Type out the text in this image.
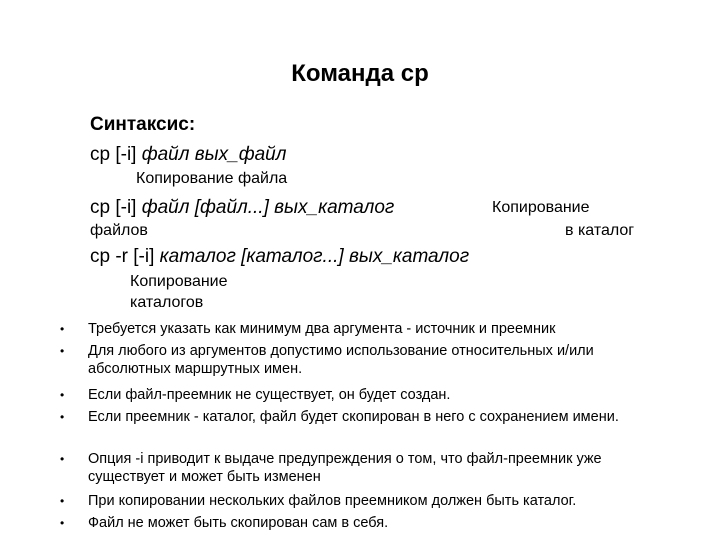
Команда cp
Синтаксис:
cp [-i] файл вых_файл
Копирование файла
cp [-i] файл [файл...] вых_каталог	Копирование
файлов	в каталог
cp -r [-i] каталог [каталог...] вых_каталог
Копирование
каталогов
• Требуется указать как минимум два аргумента - источник и преемник
• Для любого из аргументов допустимо использование относительных и/или абсолютных маршрутных имен.
• Если файл-преемник не существует, он будет создан.
• Если преемник - каталог, файл будет скопирован в него с сохранением имени.
• Опция -i приводит к выдаче предупреждения о том, что файл-преемник уже существует и может быть изменен
• При копировании нескольких файлов преемником должен быть каталог.
• Файл не может быть скопирован сам в себя.
